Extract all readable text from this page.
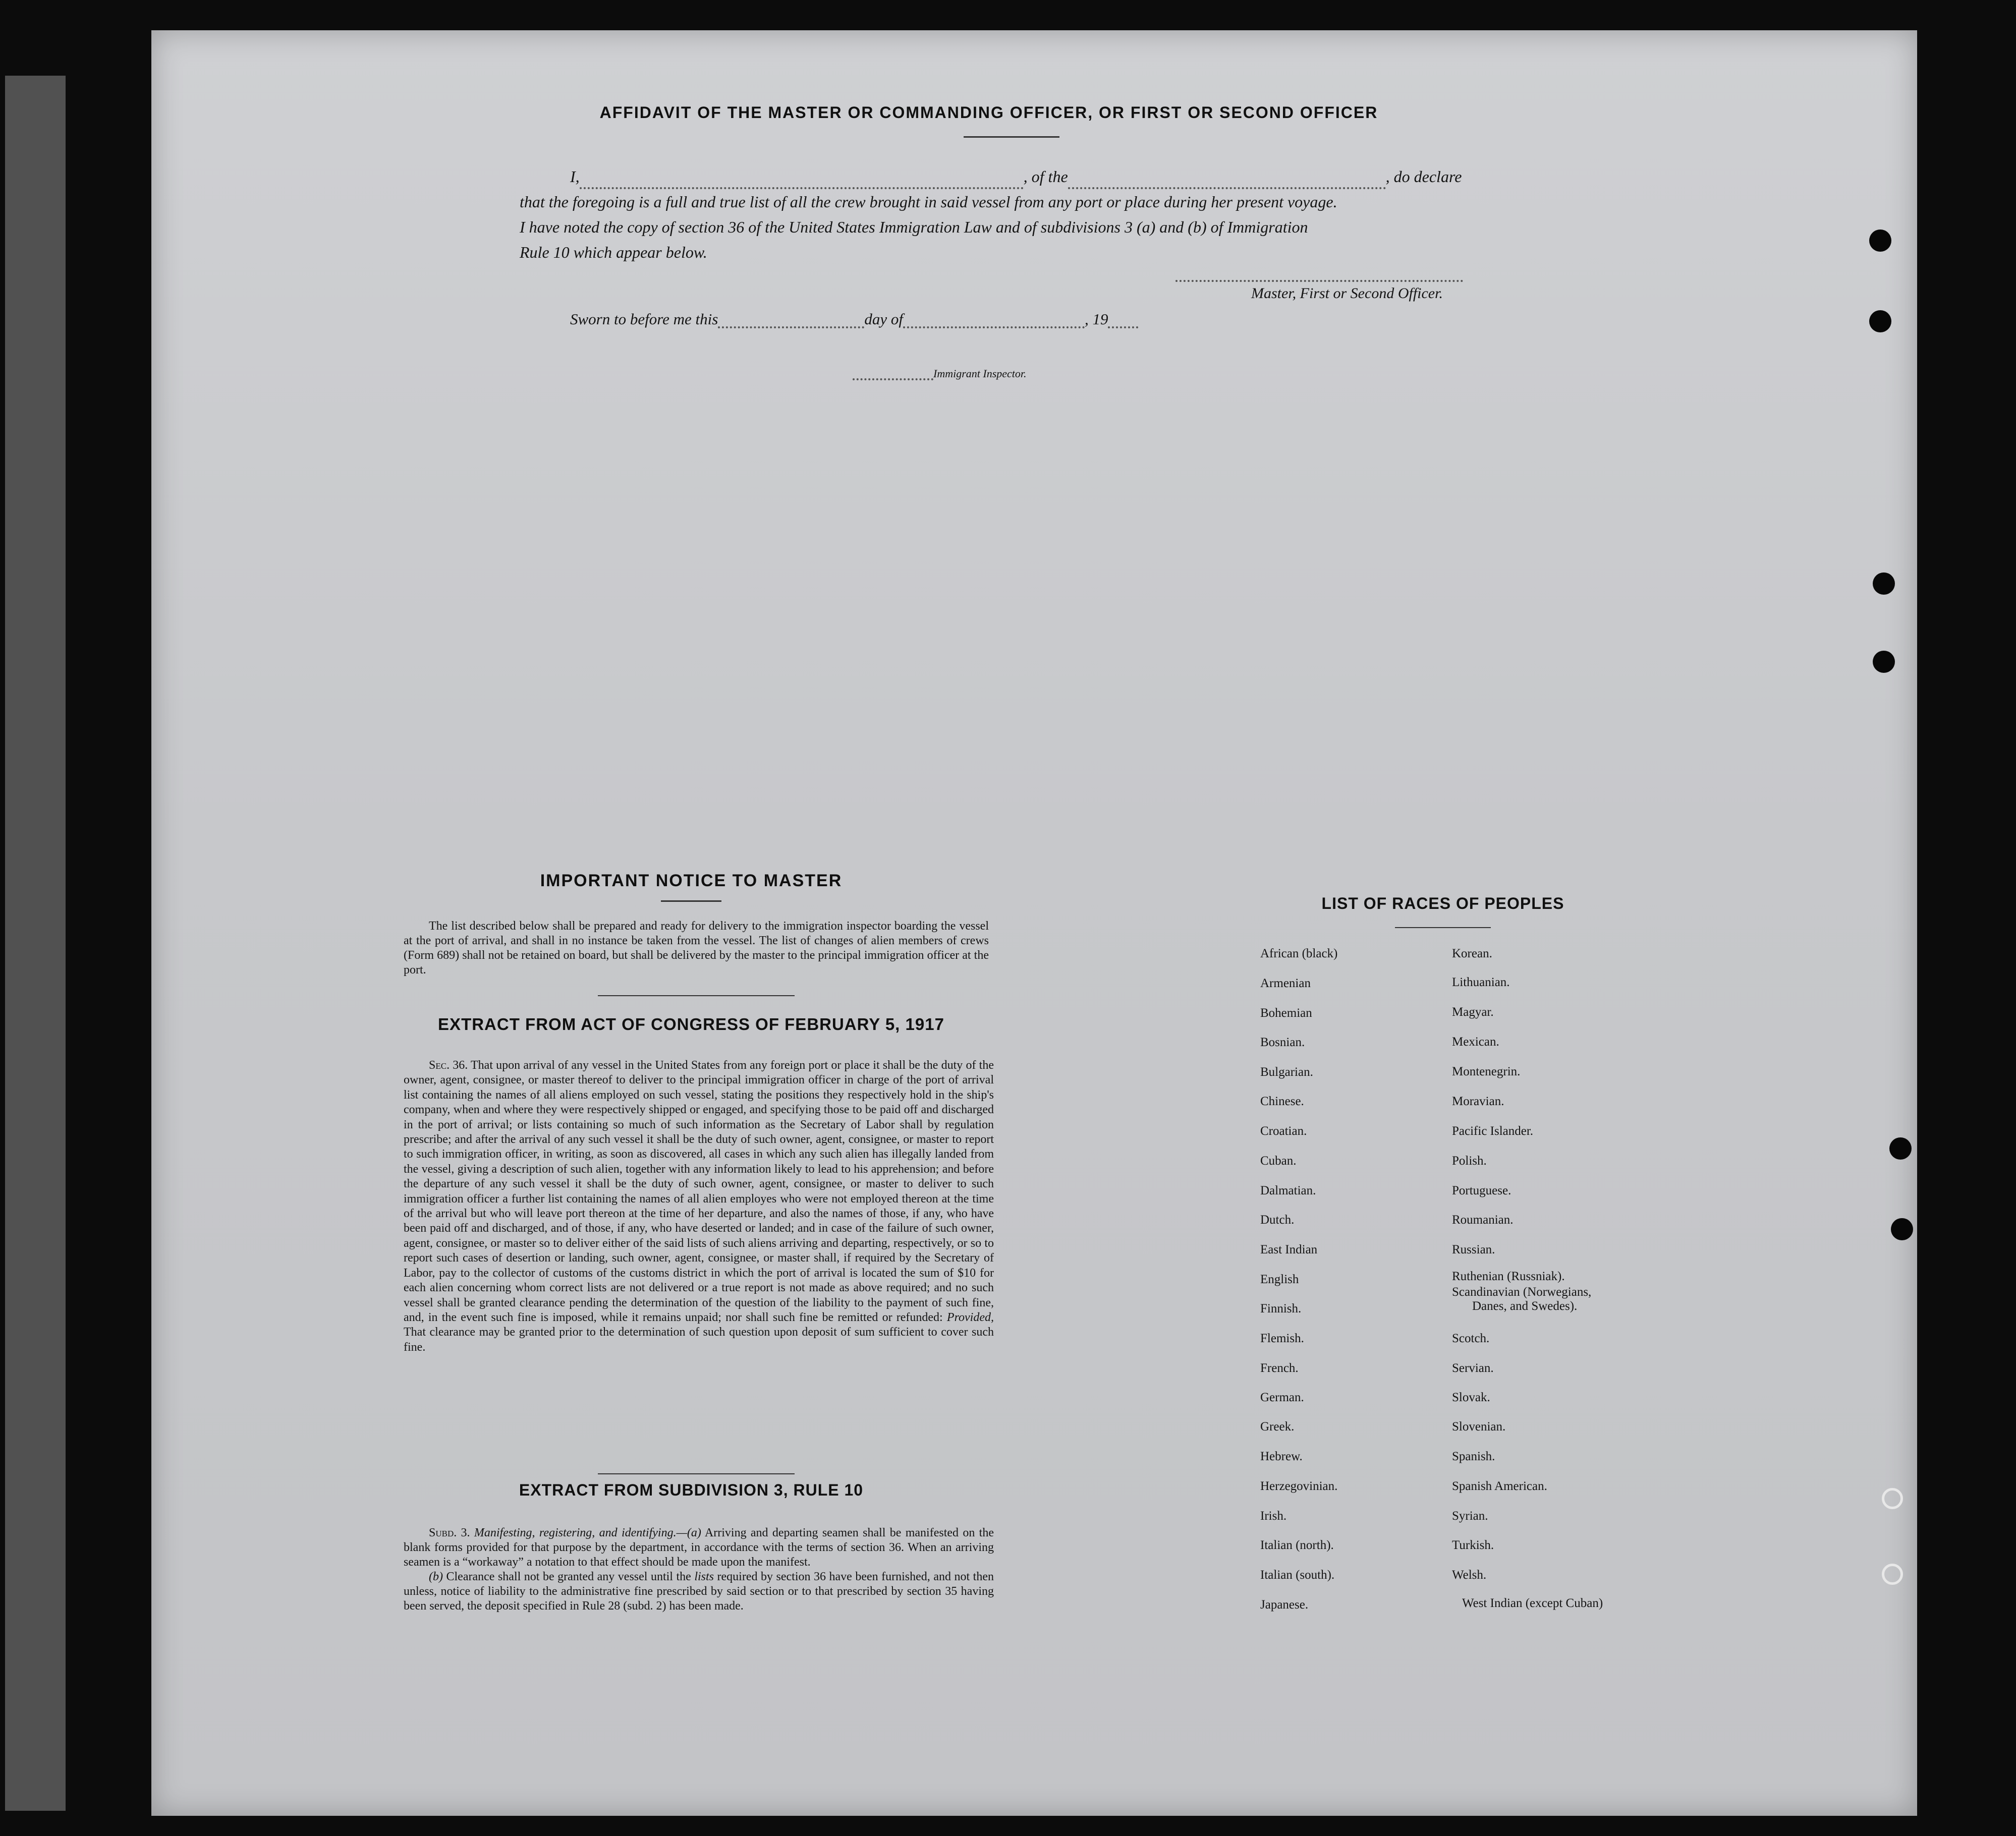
AFFIDAVIT OF THE MASTER OR COMMANDING OFFICER, OR FIRST OR SECOND OFFICER
I,	, of the	, do declare
that the foregoing is a full and true list of all the crew brought in said vessel from any port or place during her present voyage.
I have noted the copy of section 36 of the United States Immigration Law and of subdivisions 3 (a) and (b) of Immigration
Rule 10 which appear below.
Master, First or Second Officer.
Sworn to before me this	day of	, 19
Immigrant Inspector.
IMPORTANT NOTICE TO MASTER
The list described below shall be prepared and ready for delivery to the immigration inspector boarding the vessel at the port of arrival, and shall in no instance be taken from the vessel. The list of changes of alien members of crews (Form 689) shall not be retained on board, but shall be delivered by the master to the principal immigration officer at the port.
EXTRACT FROM ACT OF CONGRESS OF FEBRUARY 5, 1917
Sec. 36. That upon arrival of any vessel in the United States from any foreign port or place it shall be the duty of the owner, agent, consignee, or master thereof to deliver to the principal immigration officer in charge of the port of arrival list containing the names of all aliens employed on such vessel, stating the positions they respectively hold in the ship's company, when and where they were respectively shipped or engaged, and specifying those to be paid off and discharged in the port of arrival; or lists containing so much of such information as the Secretary of Labor shall by regulation prescribe; and after the arrival of any such vessel it shall be the duty of such owner, agent, consignee, or master to report to such immigration officer, in writing, as soon as discovered, all cases in which any such alien has illegally landed from the vessel, giving a description of such alien, together with any information likely to lead to his apprehension; and before the departure of any such vessel it shall be the duty of such owner, agent, consignee, or master to deliver to such immigration officer a further list containing the names of all alien employes who were not employed thereon at the time of the arrival but who will leave port thereon at the time of her departure, and also the names of those, if any, who have been paid off and discharged, and of those, if any, who have deserted or landed; and in case of the failure of such owner, agent, consignee, or master so to deliver either of the said lists of such aliens arriving and departing, respectively, or so to report such cases of desertion or landing, such owner, agent, consignee, or master shall, if required by the Secretary of Labor, pay to the collector of customs of the customs district in which the port of arrival is located the sum of $10 for each alien concerning whom correct lists are not delivered or a true report is not made as above required; and no such vessel shall be granted clearance pending the determination of the question of the liability to the payment of such fine, and, in the event such fine is imposed, while it remains unpaid; nor shall such fine be remitted or refunded: Provided, That clearance may be granted prior to the determination of such question upon deposit of sum sufficient to cover such fine.
EXTRACT FROM SUBDIVISION 3, RULE 10

Subd. 3. Manifesting, registering, and identifying.—(a) Arriving and departing seamen shall be manifested on the blank forms provided for that purpose by the department, in accordance with the terms of section 36. When an arriving seamen is a “workaway” a notation to that effect should be made upon the manifest.

(b) Clearance shall not be granted any vessel until the lists required by section 36 have been furnished, and not then unless, notice of liability to the administrative fine prescribed by said section or to that prescribed by section 35 having been served, the deposit specified in Rule 28 (subd. 2) has been made.

LIST OF RACES OF PEOPLES
African (black)
Armenian
Bohemian
Bosnian.
Bulgarian.
Chinese.
Croatian.
Cuban.
Dalmatian.
Dutch.
East Indian
English
Finnish.
Flemish.
French.
German.
Greek.
Hebrew.
Herzegovinian.
Irish.
Italian (north).
Italian (south).
Japanese.
Korean.
Lithuanian.
Magyar.
Mexican.
Montenegrin.
Moravian.
Pacific Islander.
Polish.
Portuguese.
Roumanian.
Russian.
Ruthenian (Russniak).
Scandinavian (Norwegians,
Danes, and Swedes).
Scotch.
Servian.
Slovak.
Slovenian.
Spanish.
Spanish American.
Syrian.
Turkish.
Welsh.
West Indian (except Cuban)
